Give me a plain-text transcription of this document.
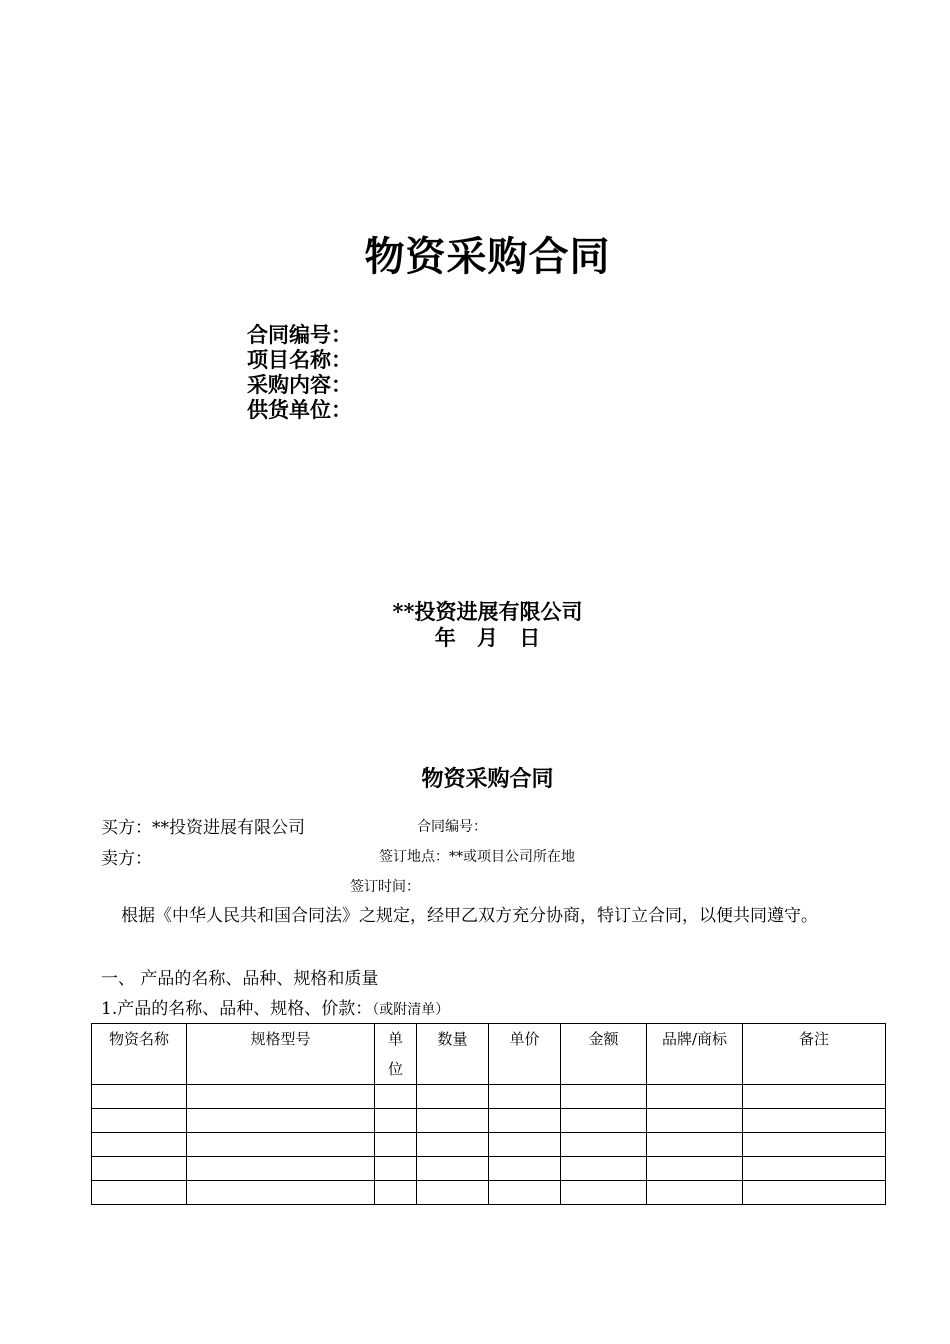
物资采购合同
合同编号：
项目名称：
采购内容：
供货单位：
**投资进展有限公司
年 月 日
物资采购合同
买方：**投资进展有限公司	合同编号：
卖方：	签订地点：**或项目公司所在地
签订时间：
根据《中华人民共和国合同法》之规定，经甲乙双方充分协商，特订立合同，以便共同遵守。
一、 产品的名称、品种、规格和质量
1.产品的名称、品种、规格、价款：（或附清单）
物资名称	规格型号	单位	数量	单价	金额	品牌/商标	备注
